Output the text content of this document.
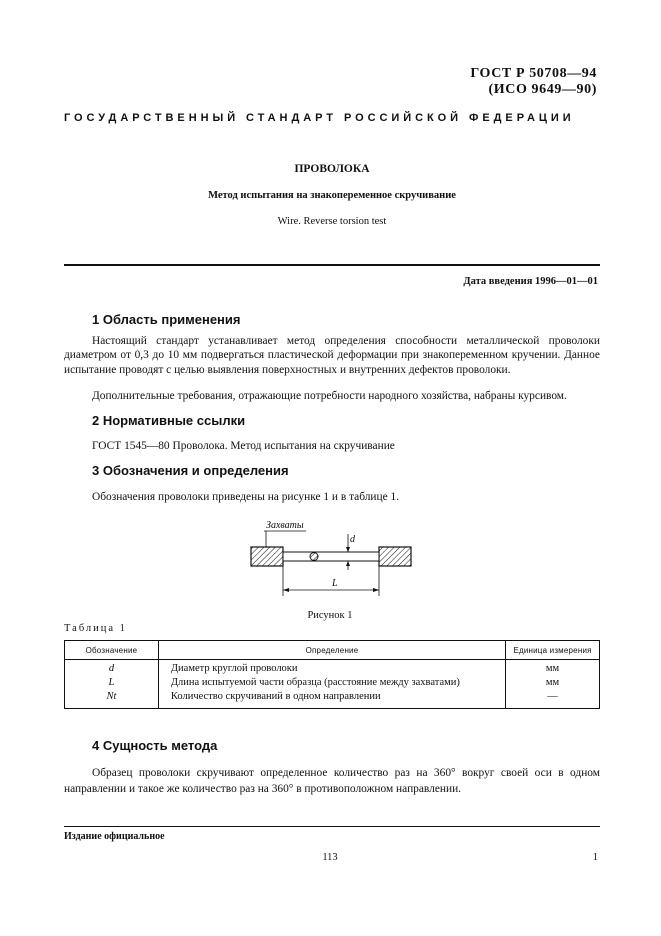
ГОСТ Р 50708—94
(ИСО 9649—90)
ГОСУДАРСТВЕННЫЙ СТАНДАРТ РОССИЙСКОЙ ФЕДЕРАЦИИ
ПРОВОЛОКА
Метод испытания на знакопеременное скручивание
Wire. Reverse torsion test
Дата введения 1996—01—01
1 Область применения
Настоящий стандарт устанавливает метод определения способности металлической проволоки диаметром от 0,3 до 10 мм подвергаться пластической деформации при знакопеременном кручении. Данное испытание проводят с целью выявления поверхностных и внутренних дефектов проволоки.
Дополнительные требования, отражающие потребности народного хозяйства, набраны курсивом.
2 Нормативные ссылки
ГОСТ 1545—80 Проволока. Метод испытания на скручивание
3 Обозначения и определения
Обозначения проволоки приведены на рисунке 1 и в таблице 1.
d
Захваты
L
Рисунок 1
Таблица 1
Обозначение	Определение	Единица измерения
d	Диаметр круглой проволоки	мм
L	Длина испытуемой части образца (расстояние между захватами)	мм
Nt	Количество скручиваний в одном направлении	—
4 Сущность метода
Образец проволоки скручивают определенное количество раз на 360° вокруг своей оси в одном направлении и такое же количество раз на 360° в противоположном направлении.
Издание официальное
113	1
